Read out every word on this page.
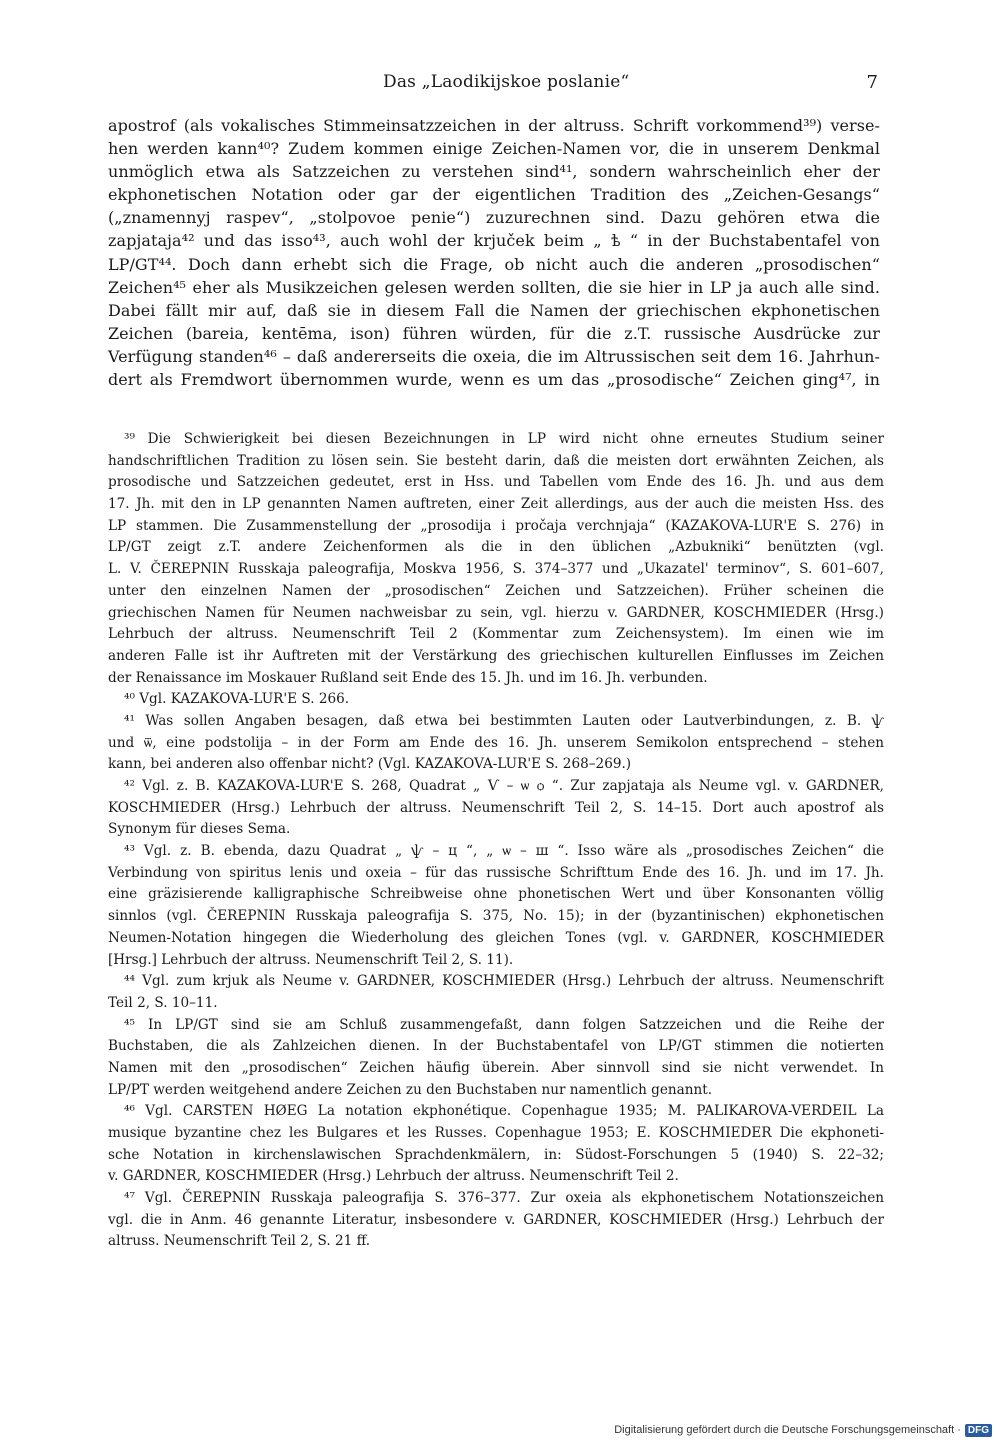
Das „Laodikijskoe poslanie“	7
apostrof (als vokalisches Stimmeinsatzzeichen in der altruss. Schrift vorkommend³⁹) verse-
hen werden kann⁴⁰? Zudem kommen einige Zeichen-Namen vor, die in unserem Denkmal
unmöglich etwa als Satzzeichen zu verstehen sind⁴¹, sondern wahrscheinlich eher der
ekphonetischen Notation oder gar der eigentlichen Tradition des „Zeichen-Gesangs“
(„znamennyj raspev“, „stolpovoe penie“) zuzurechnen sind. Dazu gehören etwa die
zapjataja⁴² und das isso⁴³, auch wohl der krjuček beim „ ѣ “ in der Buchstabentafel von
LP/GT⁴⁴. Doch dann erhebt sich die Frage, ob nicht auch die anderen „prosodischen“
Zeichen⁴⁵ eher als Musikzeichen gelesen werden sollten, die sie hier in LP ja auch alle sind.
Dabei fällt mir auf, daß sie in diesem Fall die Namen der griechischen ekphonetischen
Zeichen (bareia, kentēma, ison) führen würden, für die z.T. russische Ausdrücke zur
Verfügung standen⁴⁶ – daß andererseits die oxeia, die im Altrussischen seit dem 16. Jahrhun-
dert als Fremdwort übernommen wurde, wenn es um das „prosodische“ Zeichen ging⁴⁷, in
³⁹ Die Schwierigkeit bei diesen Bezeichnungen in LP wird nicht ohne erneutes Studium seiner
handschriftlichen Tradition zu lösen sein. Sie besteht darin, daß die meisten dort erwähnten Zeichen, als
prosodische und Satzzeichen gedeutet, erst in Hss. und Tabellen vom Ende des 16. Jh. und aus dem
17. Jh. mit den in LP genannten Namen auftreten, einer Zeit allerdings, aus der auch die meisten Hss. des
LP stammen. Die Zusammenstellung der „prosodija i pročaja verchnjaja“ (KAZAKOVA-LUR'E S. 276) in
LP/GT zeigt z.T. andere Zeichenformen als die in den üblichen „Azbukniki“ benützten (vgl.
L. V. ČEREPNIN Russkaja paleografija, Moskva 1956, S. 374–377 und „Ukazatel' terminov“, S. 601–607,
unter den einzelnen Namen der „prosodischen“ Zeichen und Satzzeichen). Früher scheinen die
griechischen Namen für Neumen nachweisbar zu sein, vgl. hierzu v. GARDNER, KOSCHMIEDER (Hrsg.)
Lehrbuch der altruss. Neumenschrift Teil 2 (Kommentar zum Zeichensystem). Im einen wie im
anderen Falle ist ihr Auftreten mit der Verstärkung des griechischen kulturellen Einflusses im Zeichen
der Renaissance im Moskauer Rußland seit Ende des 15. Jh. und im 16. Jh. verbunden.
⁴⁰ Vgl. KAZAKOVA-LUR'E S. 266.
⁴¹ Was sollen Angaben besagen, daß etwa bei bestimmten Lauten oder Lautverbindungen, z. B. ѱ
und ѿ, eine podstolija – in der Form am Ende des 16. Jh. unserem Semikolon entsprechend – stehen
kann, bei anderen also offenbar nicht? (Vgl. KAZAKOVA-LUR'E S. 268–269.)
⁴² Vgl. z. B. KAZAKOVA-LUR'E S. 268, Quadrat „ Ѵ – ѡ ѻ “. Zur zapjataja als Neume vgl. v. GARDNER,
KOSCHMIEDER (Hrsg.) Lehrbuch der altruss. Neumenschrift Teil 2, S. 14–15. Dort auch apostrof als
Synonym für dieses Sema.
⁴³ Vgl. z. B. ebenda, dazu Quadrat „ ѱ – ц “, „ ѡ – ш “. Isso wäre als „prosodisches Zeichen“ die
Verbindung von spiritus lenis und oxeia – für das russische Schrifttum Ende des 16. Jh. und im 17. Jh.
eine gräzisierende kalligraphische Schreibweise ohne phonetischen Wert und über Konsonanten völlig
sinnlos (vgl. ČEREPNIN Russkaja paleografija S. 375, No. 15); in der (byzantinischen) ekphonetischen
Neumen-Notation hingegen die Wiederholung des gleichen Tones (vgl. v. GARDNER, KOSCHMIEDER
[Hrsg.] Lehrbuch der altruss. Neumenschrift Teil 2, S. 11).
⁴⁴ Vgl. zum krjuk als Neume v. GARDNER, KOSCHMIEDER (Hrsg.) Lehrbuch der altruss. Neumenschrift
Teil 2, S. 10–11.
⁴⁵ In LP/GT sind sie am Schluß zusammengefaßt, dann folgen Satzzeichen und die Reihe der
Buchstaben, die als Zahlzeichen dienen. In der Buchstabentafel von LP/GT stimmen die notierten
Namen mit den „prosodischen“ Zeichen häufig überein. Aber sinnvoll sind sie nicht verwendet. In
LP/PT werden weitgehend andere Zeichen zu den Buchstaben nur namentlich genannt.
⁴⁶ Vgl. CARSTEN HØEG La notation ekphonétique. Copenhague 1935; M. PALIKAROVA-VERDEIL La
musique byzantine chez les Bulgares et les Russes. Copenhague 1953; E. KOSCHMIEDER Die ekphoneti-
sche Notation in kirchenslawischen Sprachdenkmälern, in: Südost-Forschungen 5 (1940) S. 22–32;
v. GARDNER, KOSCHMIEDER (Hrsg.) Lehrbuch der altruss. Neumenschrift Teil 2.
⁴⁷ Vgl. ČEREPNIN Russkaja paleografija S. 376–377. Zur oxeia als ekphonetischem Notationszeichen
vgl. die in Anm. 46 genannte Literatur, insbesondere v. GARDNER, KOSCHMIEDER (Hrsg.) Lehrbuch der
altruss. Neumenschrift Teil 2, S. 21 ff.
Digitalisierung gefördert durch die Deutsche Forschungsgemeinschaft · DFG
